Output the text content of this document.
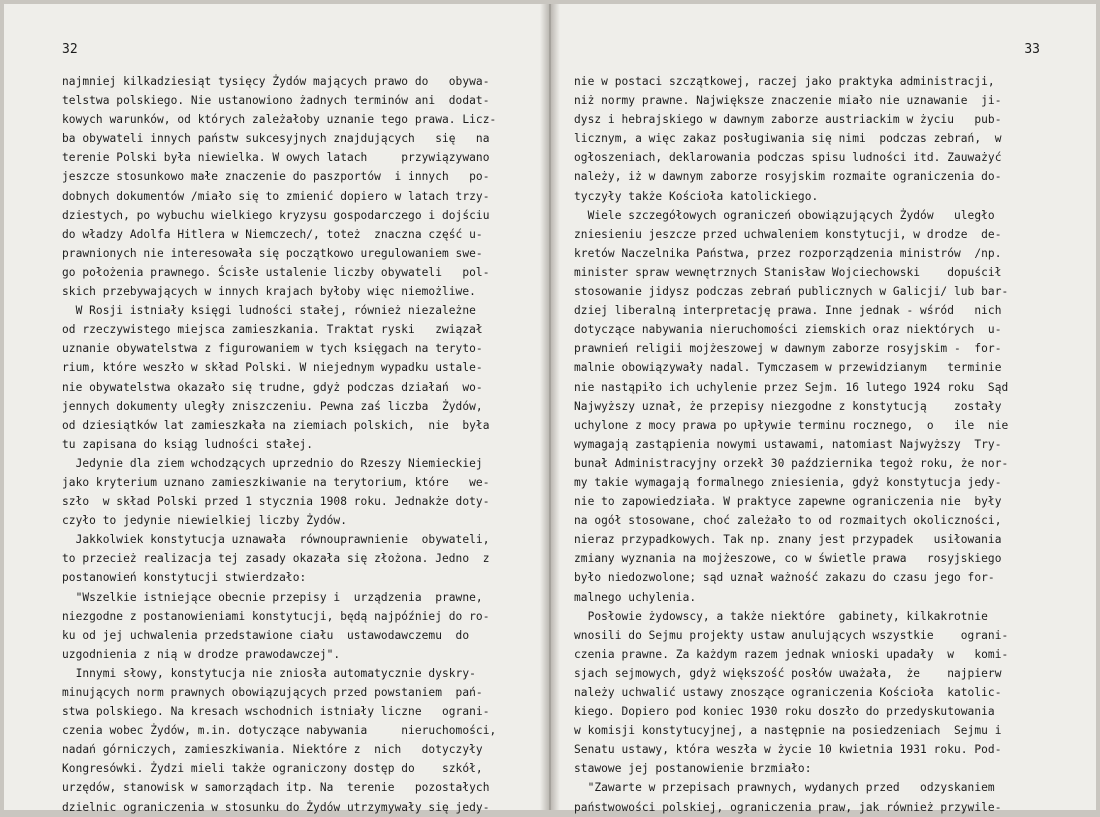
32
najmniej kilkadziesiąt tysięcy Żydów mających prawo do   obywa-
telstwa polskiego. Nie ustanowiono żadnych terminów ani  dodat-
kowych warunków, od których zależałoby uznanie tego prawa. Licz-
ba obywateli innych państw sukcesyjnych znajdujących   się   na
terenie Polski była niewielka. W owych latach     przywiązywano
jeszcze stosunkowo małe znaczenie do paszportów  i innych   po-
dobnych dokumentów /miało się to zmienić dopiero w latach trzy-
dziestych, po wybuchu wielkiego kryzysu gospodarczego i dojściu
do władzy Adolfa Hitlera w Niemczech/, toteż  znaczna część u-
prawnionych nie interesowała się początkowo uregulowaniem swe-
go położenia prawnego. Ścisłe ustalenie liczby obywateli   pol-
skich przebywających w innych krajach byłoby więc niemożliwe.
W Rosji istniały księgi ludności stałej, również niezależne
od rzeczywistego miejsca zamieszkania. Traktat ryski   związał
uznanie obywatelstwa z figurowaniem w tych księgach na teryto-
rium, które weszło w skład Polski. W niejednym wypadku ustale-
nie obywatelstwa okazało się trudne, gdyż podczas działań  wo-
jennych dokumenty uległy zniszczeniu. Pewna zaś liczba  Żydów,
od dziesiątków lat zamieszkała na ziemiach polskich,  nie  była
tu zapisana do ksiąg ludności stałej.
Jedynie dla ziem wchodzących uprzednio do Rzeszy Niemieckiej
jako kryterium uznano zamieszkiwanie na terytorium, które   we-
szło  w skład Polski przed 1 stycznia 1908 roku. Jednakże doty-
czyło to jedynie niewielkiej liczby Żydów.
Jakkolwiek konstytucja uznawała  równouprawnienie  obywateli,
to przecież realizacja tej zasady okazała się złożona. Jedno  z
postanowień konstytucji stwierdzało:
"Wszelkie istniejące obecnie przepisy i  urządzenia  prawne,
niezgodne z postanowieniami konstytucji, będą najpóźniej do ro-
ku od jej uchwalenia przedstawione ciału  ustawodawczemu  do
uzgodnienia z nią w drodze prawodawczej".
Innymi słowy, konstytucja nie zniosła automatycznie dyskry-
minujących norm prawnych obowiązujących przed powstaniem  pań-
stwa polskiego. Na kresach wschodnich istniały liczne   ograni-
czenia wobec Żydów, m.in. dotyczące nabywania     nieruchomości,
nadań górniczych, zamieszkiwania. Niektóre z  nich   dotyczyły
Kongresówki. Żydzi mieli także ograniczony dostęp do    szkół,
urzędów, stanowisk w samorządach itp. Na  terenie   pozostałych
dzielnic ograniczenia w stosunku do Żydów utrzymywały się jedy-
33
nie w postaci szczątkowej, raczej jako praktyka administracji,
niż normy prawne. Największe znaczenie miało nie uznawanie  ji-
dysz i hebrajskiego w dawnym zaborze austriackim w życiu   pub-
licznym, a więc zakaz posługiwania się nimi  podczas zebrań,  w
ogłoszeniach, deklarowania podczas spisu ludności itd. Zauważyć
należy, iż w dawnym zaborze rosyjskim rozmaite ograniczenia do-
tyczyły także Kościoła katolickiego.
Wiele szczegółowych ograniczeń obowiązujących Żydów   uległo
zniesieniu jeszcze przed uchwaleniem konstytucji, w drodze  de-
kretów Naczelnika Państwa, przez rozporządzenia ministrów  /np.
minister spraw wewnętrznych Stanisław Wojciechowski    dopuścił
stosowanie jidysz podczas zebrań publicznych w Galicji/ lub bar-
dziej liberalną interpretację prawa. Inne jednak - wśród   nich
dotyczące nabywania nieruchomości ziemskich oraz niektórych  u-
prawnień religii mojżeszowej w dawnym zaborze rosyjskim -  for-
malnie obowiązywały nadal. Tymczasem w przewidzianym   terminie
nie nastąpiło ich uchylenie przez Sejm. 16 lutego 1924 roku  Sąd
Najwyższy uznał, że przepisy niezgodne z konstytucją    zostały
uchylone z mocy prawa po upływie terminu rocznego,  o   ile  nie
wymagają zastąpienia nowymi ustawami, natomiast Najwyższy  Try-
bunał Administracyjny orzekł 30 października tegoż roku, że nor-
my takie wymagają formalnego zniesienia, gdyż konstytucja jedy-
nie to zapowiedziała. W praktyce zapewne ograniczenia nie  były
na ogół stosowane, choć zależało to od rozmaitych okoliczności,
nieraz przypadkowych. Tak np. znany jest przypadek   usiłowania
zmiany wyznania na mojżeszowe, co w świetle prawa   rosyjskiego
było niedozwolone; sąd uznał ważność zakazu do czasu jego for-
malnego uchylenia.
Posłowie żydowscy, a także niektóre  gabinety, kilkakrotnie
wnosili do Sejmu projekty ustaw anulujących wszystkie    ograni-
czenia prawne. Za każdym razem jednak wnioski upadały  w   komi-
sjach sejmowych, gdyż większość posłów uważała,  że    najpierw
należy uchwalić ustawy znoszące ograniczenia Kościoła  katolic-
kiego. Dopiero pod koniec 1930 roku doszło do przedyskutowania
w komisji konstytucyjnej, a następnie na posiedzeniach  Sejmu i
Senatu ustawy, która weszła w życie 10 kwietnia 1931 roku. Pod-
stawowe jej postanowienie brzmiało:
"Zawarte w przepisach prawnych, wydanych przed   odzyskaniem
państwowości polskiej, ograniczenia praw, jak również przywile-
